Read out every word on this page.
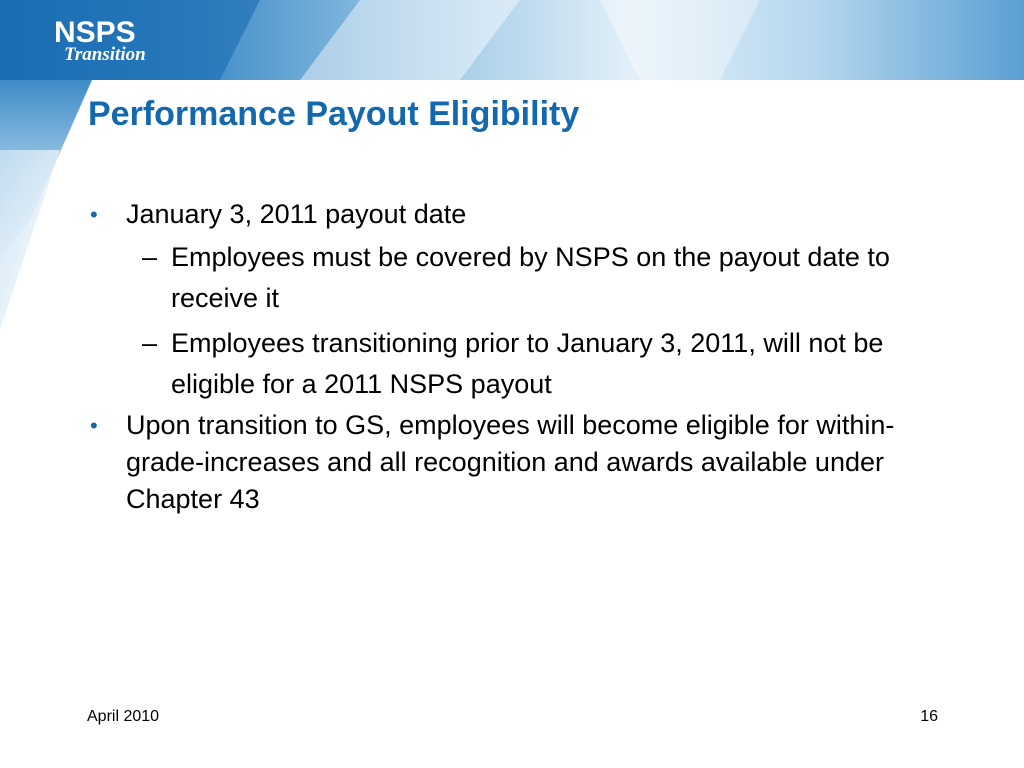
NSPS
Transition
Performance Payout Eligibility
• January 3, 2011 payout date
– Employees must be covered by NSPS on the payout date to receive it
– Employees transitioning prior to January 3, 2011, will not be eligible for a 2011 NSPS payout
• Upon transition to GS, employees will become eligible for within-grade-increases and all recognition and awards available under Chapter 43
April 2010	16
